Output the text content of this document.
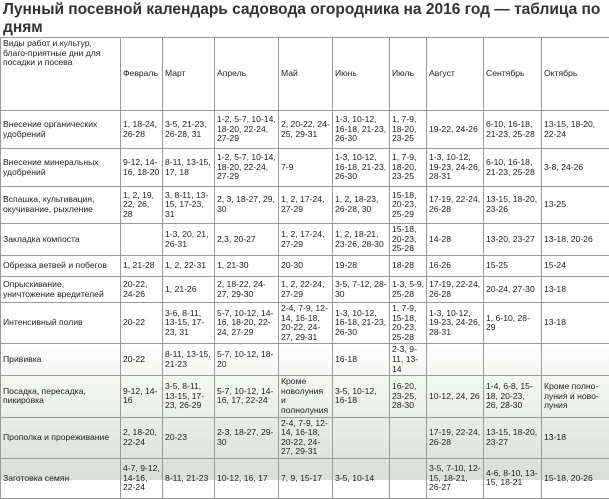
Лунный посевной календарь садовода огородника на 2016 год — таблица по дням
Виды работ и культур, благо-приятные дни для посадки и посева	Февраль	Март	Апрель	Май	Июнь	Июль	Август	Сентябрь	Октябрь
Внесение органических удобрений	1, 18-24, 26-28	3-5, 21-23, 26-28, 31	1-2, 5-7, 10-14, 18-20, 22-24, 27-29	2, 20-22, 24-25, 29-31	1-3, 10-12, 16-18, 21-23, 26-30	1, 7-9, 18-20, 23-25	19-22, 24-26	6-10, 16-18, 21-23, 25-28	13-15, 18-20, 22-24
Внесение минеральных удобрений	9-12, 14-16, 18-20	8-11, 13-15, 17, 18	1-2, 5-7, 10-14, 18-20, 22-24, 27-29	7-9	1-3, 10-12, 16-18, 21-23, 26-30	1, 7-9, 18-20, 23-25	1-3, 10-12, 19-23, 24-26, 28-31	6-10, 16-18, 21-23, 25-28	3-8, 24-26
Вспашка, культивация, окучивание, рыхление	1, 2, 19, 22, 26, 28	3, 8-11, 13-15, 17-23, 31	2, 3, 18-27, 29, 30	1, 2, 17-24, 27-29	1, 2, 18-23, 26-28, 30	15-18, 20-23, 25-29	17-19, 22-24, 26-28	13-15, 18-20, 23-26	13-25
Закладка компоста		1-3, 20, 21, 26-31	2,3, 20-27	1, 2, 17-24, 27-29	1, 2, 18-21, 23-26, 28-30	15-18, 20-23, 25-28	14-28	13-20, 23-27	13-18, 20-26
Обрезка ветвей и побегов	1, 21-28	1, 2, 22-31	1, 21-30	20-30	19-28	18-28	16-26	15-25	15-24
Опрыскивание, уничтожение вредителей	20-22, 24-26	1, 21-26	2, 18-22, 24-27, 29-30	1, 2, 22-24, 27-29	3-5, 7-12, 28-30	1-3, 5-9, 25-28	17-19, 22-24, 26-28	20-24, 27-30	13-18
Интенсивный полив	20-22	3-6, 8-11, 13-15, 17-23, 31	5-7, 10-12, 14-16, 18-20, 22-24, 27-29	2-4, 7-9, 12-14, 16-18, 20-22, 24-27, 29-31	1-3, 10-12, 16-18, 21-23, 26-30	1, 7-9, 15-18, 20-23, 25-28	1-3, 10-12, 19-23, 24-26, 28-31	1, 6-10, 28-29	13-18
Прививка	20-22	8-11, 13-15, 21-23	5-7, 10-12, 18-20		16-18	2-3, 9-11, 13-14			
Посадка, пересадка, пикировка	9-12, 14-16	3-5, 8-11, 13-15, 17-23, 26-29	5-7, 10-12, 14-16, 17, 22-24	Кроме новолуния и полнолуния	3-5, 10-12, 16-18	16-20, 23-25, 28-30	10-12, 24, 26	1-4, 6-8, 15-18, 20-23, 26, 28-30	Кроме полно-луния и ново-луния
Прополка и прореживание	2, 18-20, 22-24	20-23	2-3, 18-27, 29-30	2-4, 7-9, 12-14, 16-18, 20-22, 24-27, 29-31			17-19, 22-24, 26-28	13-15, 18-20, 23-27	13-18
Заготовка семян	4-7, 9-12, 14-16, 22-24	8-11, 21-23	10-12, 16, 17	7, 9, 15-17	3-5, 10-14		3-5, 7-10, 12-15, 18-21, 26-27	4-6, 8-10, 13-15, 18-21	15-18, 20-26
